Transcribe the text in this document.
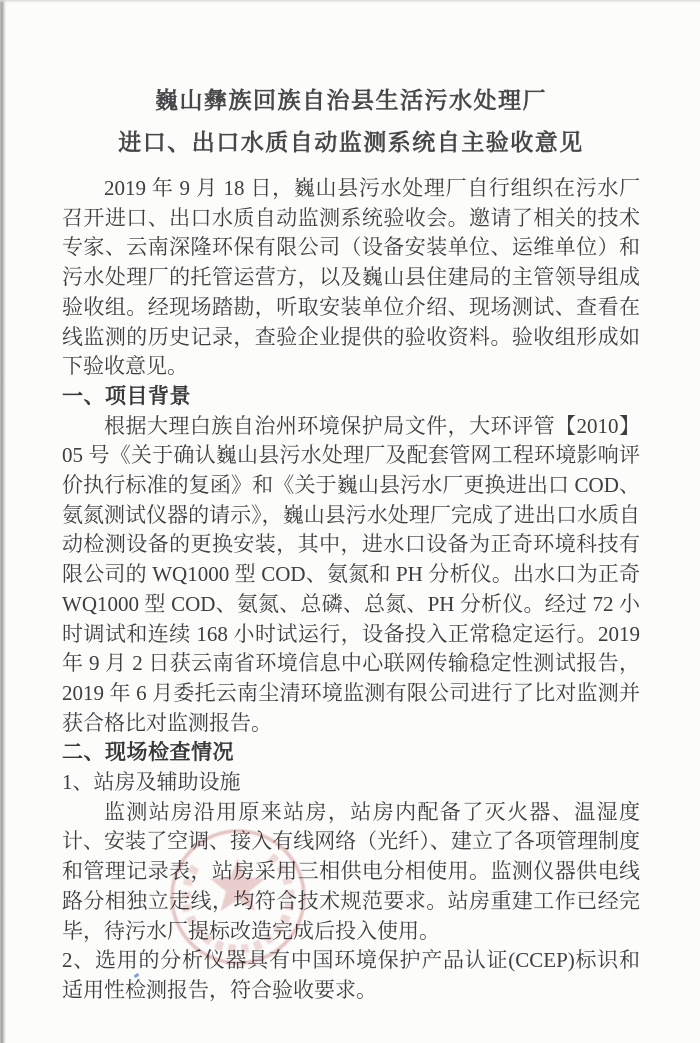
巍山彝族回族自治县生活污水处理厂
进口、出口水质自动监测系统自主验收意见

2019 年 9 月 18 日，巍山县污水处理厂自行组织在污水厂召开进口、出口水质自动监测系统验收会。邀请了相关的技术专家、云南深隆环保有限公司（设备安装单位、运维单位）和污水处理厂的托管运营方，以及巍山县住建局的主管领导组成验收组。经现场踏勘，听取安装单位介绍、现场测试、查看在线监测的历史记录，查验企业提供的验收资料。验收组形成如下验收意见。

一、项目背景

根据大理白族自治州环境保护局文件，大环评管【2010】05 号《关于确认巍山县污水处理厂及配套管网工程环境影响评价执行标准的复函》和《关于巍山县污水厂更换进出口 COD、氨氮测试仪器的请示》，巍山县污水处理厂完成了进出口水质自动检测设备的更换安装，其中，进水口设备为正奇环境科技有限公司的 WQ1000 型 COD、氨氮和 PH 分析仪。出水口为正奇 WQ1000 型 COD、氨氮、总磷、总氮、PH 分析仪。经过 72 小时调试和连续 168 小时试运行，设备投入正常稳定运行。2019 年 9 月 2 日获云南省环境信息中心联网传输稳定性测试报告，2019 年 6 月委托云南尘清环境监测有限公司进行了比对监测并获合格比对监测报告。

二、现场检查情况

1、站房及辅助设施

监测站房沿用原来站房，站房内配备了灭火器、温湿度计、安装了空调、接入有线网络（光纤）、建立了各项管理制度和管理记录表，站房采用三相供电分相使用。监测仪器供电线路分相独立走线，均符合技术规范要求。站房重建工作已经完毕，待污水厂提标改造完成后投入使用。

2、选用的分析仪器具有中国环境保护产品认证(CCEP)标识和适用性检测报告，符合验收要求。
